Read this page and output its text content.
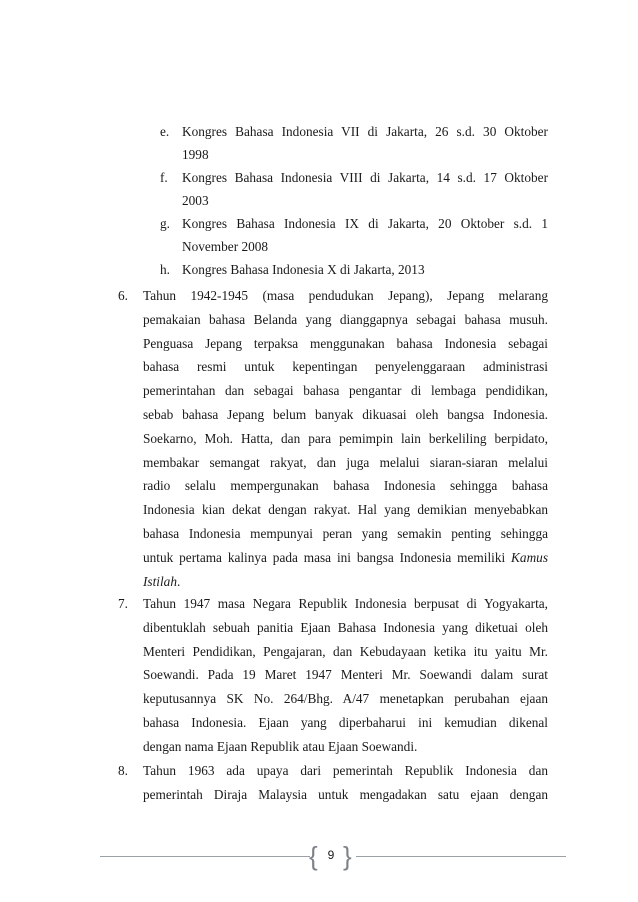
e. Kongres Bahasa Indonesia VII di Jakarta, 26 s.d. 30 Oktober
1998
f. Kongres Bahasa Indonesia VIII di Jakarta, 14 s.d. 17 Oktober
2003
g. Kongres Bahasa Indonesia IX di Jakarta, 20 Oktober s.d. 1
November 2008
h. Kongres Bahasa Indonesia X di Jakarta, 2013
6. Tahun 1942-1945 (masa pendudukan Jepang), Jepang melarang
pemakaian bahasa Belanda yang dianggapnya sebagai bahasa musuh.
Penguasa Jepang terpaksa menggunakan bahasa Indonesia sebagai
bahasa resmi untuk kepentingan penyelenggaraan administrasi
pemerintahan dan sebagai bahasa pengantar di lembaga pendidikan,
sebab bahasa Jepang belum banyak dikuasai oleh bangsa Indonesia.
Soekarno, Moh. Hatta, dan para pemimpin lain berkeliling berpidato,
membakar semangat rakyat, dan juga melalui siaran-siaran melalui
radio selalu mempergunakan bahasa Indonesia sehingga bahasa
Indonesia kian dekat dengan rakyat. Hal yang demikian menyebabkan
bahasa Indonesia mempunyai peran yang semakin penting sehingga
untuk pertama kalinya pada masa ini bangsa Indonesia memiliki Kamus
Istilah.
7. Tahun 1947 masa Negara Republik Indonesia berpusat di Yogyakarta,
dibentuklah sebuah panitia Ejaan Bahasa Indonesia yang diketuai oleh
Menteri Pendidikan, Pengajaran, dan Kebudayaan ketika itu yaitu Mr.
Soewandi. Pada 19 Maret 1947 Menteri Mr. Soewandi dalam surat
keputusannya SK No. 264/Bhg. A/47 menetapkan perubahan ejaan
bahasa Indonesia. Ejaan yang diperbaharui ini kemudian dikenal
dengan nama Ejaan Republik atau Ejaan Soewandi.
8. Tahun 1963 ada upaya dari pemerintah Republik Indonesia dan
pemerintah Diraja Malaysia untuk mengadakan satu ejaan dengan
{ 9 }
